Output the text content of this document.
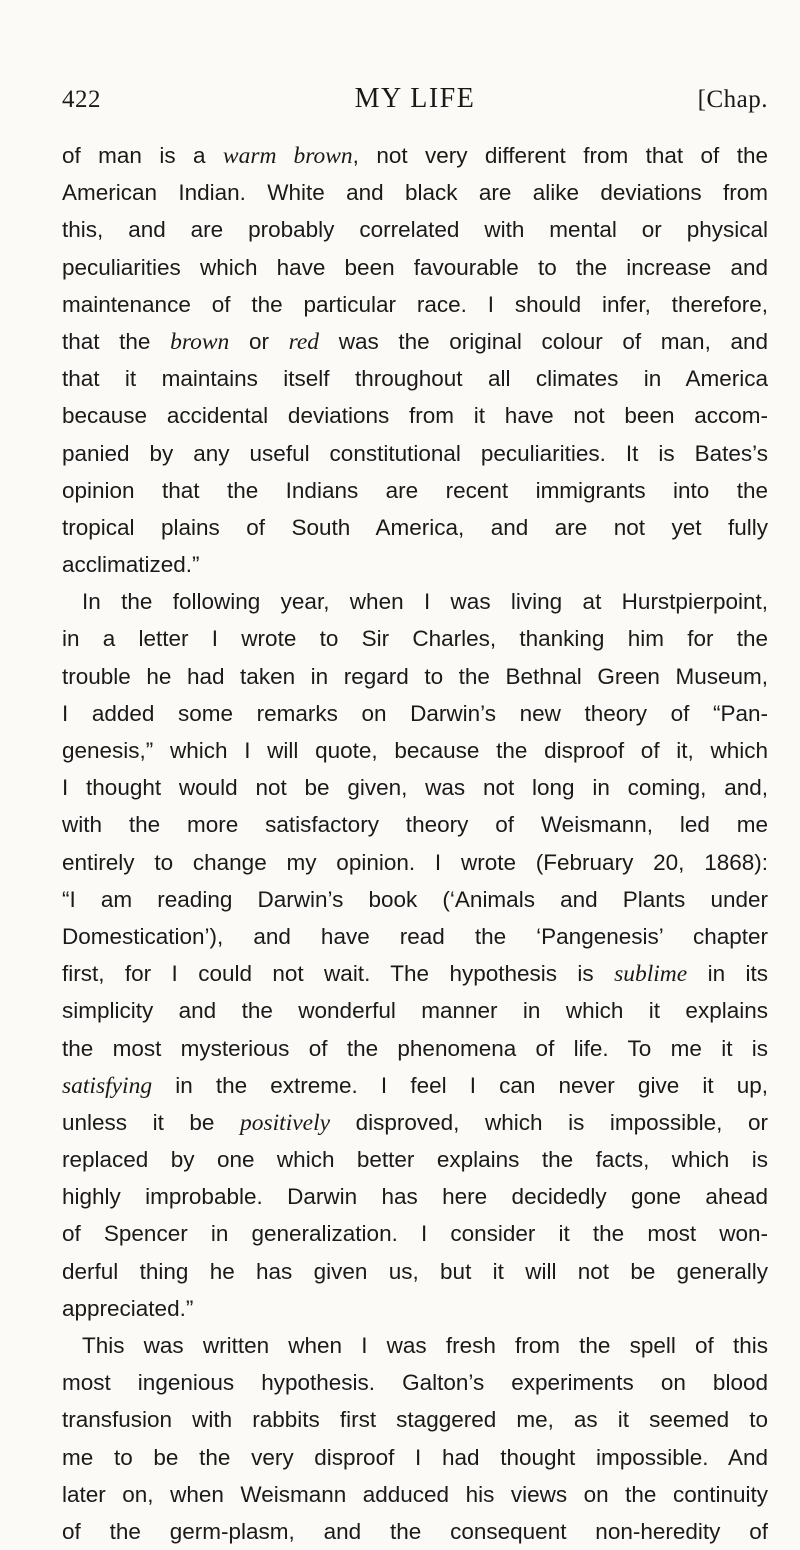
422	MY LIFE	[Chap.
of man is a warm brown, not very different from that of the
American Indian. White and black are alike deviations from
this, and are probably correlated with mental or physical
peculiarities which have been favourable to the increase and
maintenance of the particular race. I should infer, therefore,
that the brown or red was the original colour of man, and
that it maintains itself throughout all climates in America
because accidental deviations from it have not been accom-
panied by any useful constitutional peculiarities. It is Bates’s
opinion that the Indians are recent immigrants into the
tropical plains of South America, and are not yet fully
acclimatized.”
In the following year, when I was living at Hurstpierpoint,
in a letter I wrote to Sir Charles, thanking him for the
trouble he had taken in regard to the Bethnal Green Museum,
I added some remarks on Darwin’s new theory of “Pan-
genesis,” which I will quote, because the disproof of it, which
I thought would not be given, was not long in coming, and,
with the more satisfactory theory of Weismann, led me
entirely to change my opinion. I wrote (February 20, 1868):
“I am reading Darwin’s book (‘Animals and Plants under
Domestication’), and have read the ‘Pangenesis’ chapter
first, for I could not wait. The hypothesis is sublime in its
simplicity and the wonderful manner in which it explains
the most mysterious of the phenomena of life. To me it is
satisfying in the extreme. I feel I can never give it up,
unless it be positively disproved, which is impossible, or
replaced by one which better explains the facts, which is
highly improbable. Darwin has here decidedly gone ahead
of Spencer in generalization. I consider it the most won-
derful thing he has given us, but it will not be generally
appreciated.”
This was written when I was fresh from the spell of this
most ingenious hypothesis. Galton’s experiments on blood
transfusion with rabbits first staggered me, as it seemed to
me to be the very disproof I had thought impossible. And
later on, when Weismann adduced his views on the continuity
of the germ-plasm, and the consequent non-heredity of
